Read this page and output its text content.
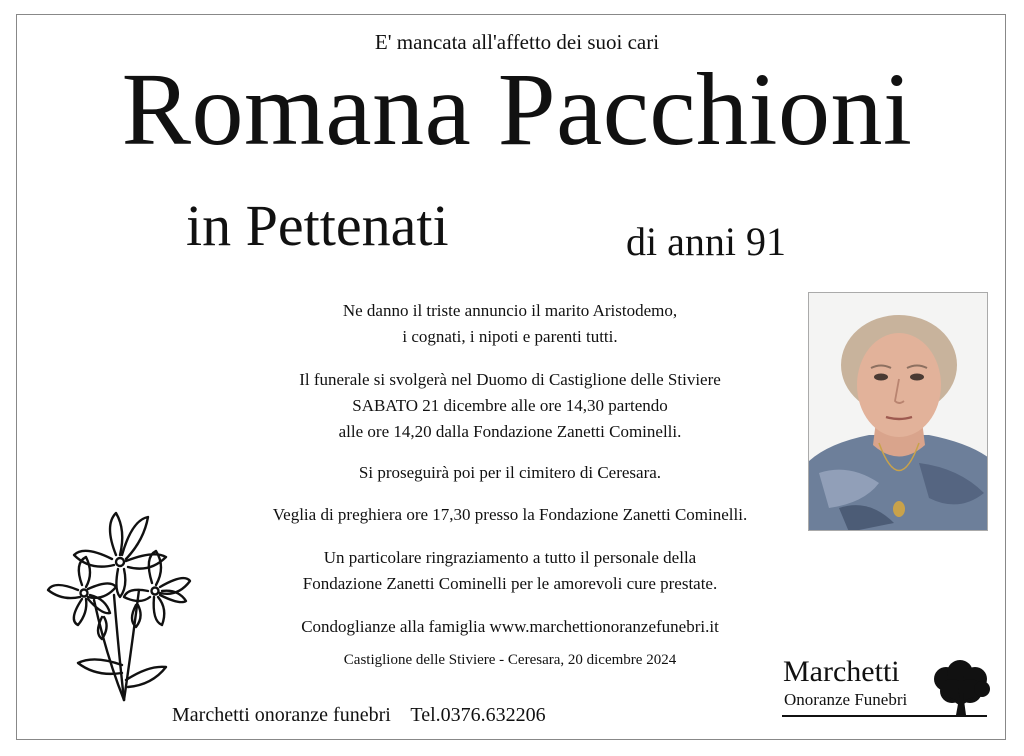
E' mancata all'affetto dei suoi cari
Romana Pacchioni
in Pettenati	di anni 91
Ne danno il triste annuncio il marito Aristodemo,
i cognati, i nipoti e parenti tutti.
Il funerale si svolgerà nel Duomo di Castiglione delle Stiviere
SABATO 21 dicembre alle ore 14,30 partendo
alle ore 14,20 dalla Fondazione Zanetti Cominelli.
Si proseguirà poi per il cimitero di Ceresara.
Veglia di preghiera ore 17,30 presso la Fondazione Zanetti Cominelli.
Un particolare ringraziamento a tutto il personale della
Fondazione Zanetti Cominelli per le amorevoli cure prestate.
Condoglianze alla famiglia www.marchettionoranzefunebri.it
Castiglione delle Stiviere - Ceresara, 20 dicembre 2024
Marchetti onoranze funebri    Tel.0376.632206
Marchetti
Onoranze Funebri
